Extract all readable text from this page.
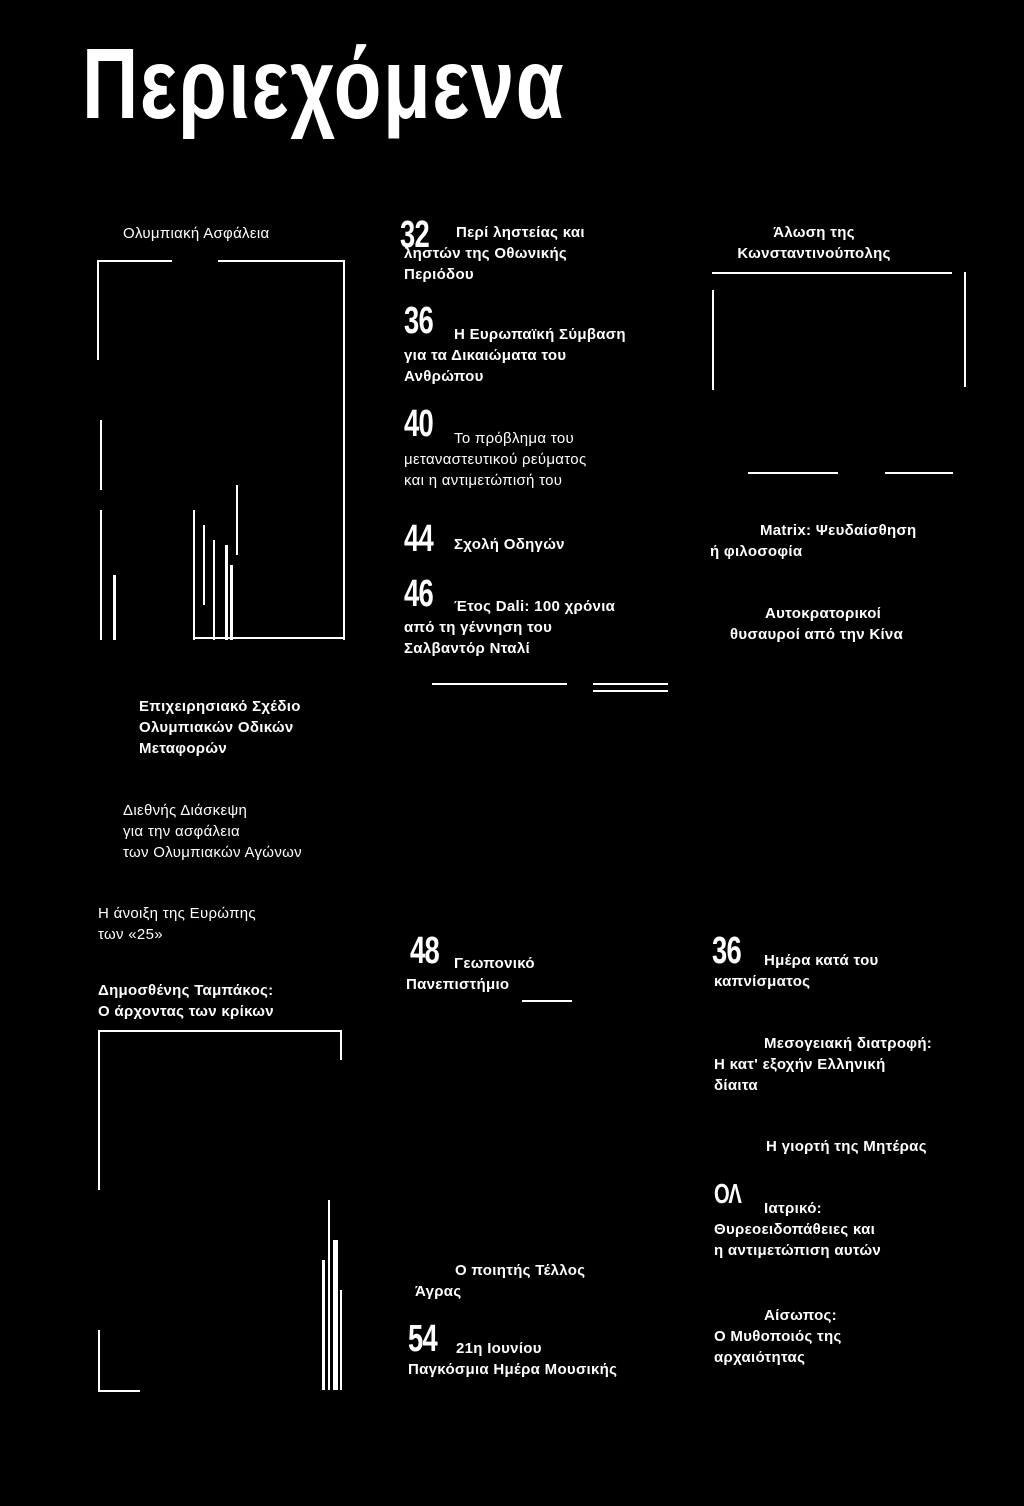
Περιεχόμενα
Ολυμπιακή Ασφάλεια
Επιχειρησιακό Σχέδιο
Ολυμπιακών Οδικών
Μεταφορών
Διεθνής Διάσκεψη
για την ασφάλεια
των Ολυμπιακών Αγώνων
Η άνοιξη της Ευρώπης
των «25»
Δημοσθένης Ταμπάκος:
Ο άρχοντας των κρίκων
32	Περί ληστείας και
ληστών της Οθωνικής
Περιόδου
36	Η Ευρωπαϊκή Σύμβαση
για τα Δικαιώματα του
Ανθρώπου
40	Το πρόβλημα του
μεταναστευτικού ρεύματος
και η αντιμετώπισή του
44	Σχολή Οδηγών
46	Έτος Dali: 100 χρόνια
από τη γέννηση του
Σαλβαντόρ Νταλί
48 Γεωπονικό
Πανεπιστήμιο
Ο ποιητής Τέλλος
Άγρας
54	21η Ιουνίου
Παγκόσμια Ημέρα Μουσικής
Άλωση της
Κωνσταντινούπολης
Matrix: Ψευδαίσθηση
ή φιλοσοφία
Αυτοκρατορικοί
θυσαυροί από την Κίνα
36	Ημέρα κατά του
καπνίσματος
Μεσογειακή διατροφή:
Η κατ' εξοχήν Ελληνική
δίαιτα
Η γιορτή της Μητέρας
ΟΛ	Ιατρικό:
Θυρεοειδοπάθειες και
η αντιμετώπιση αυτών
Αίσωπος:
Ο Μυθοποιός της
αρχαιότητας
